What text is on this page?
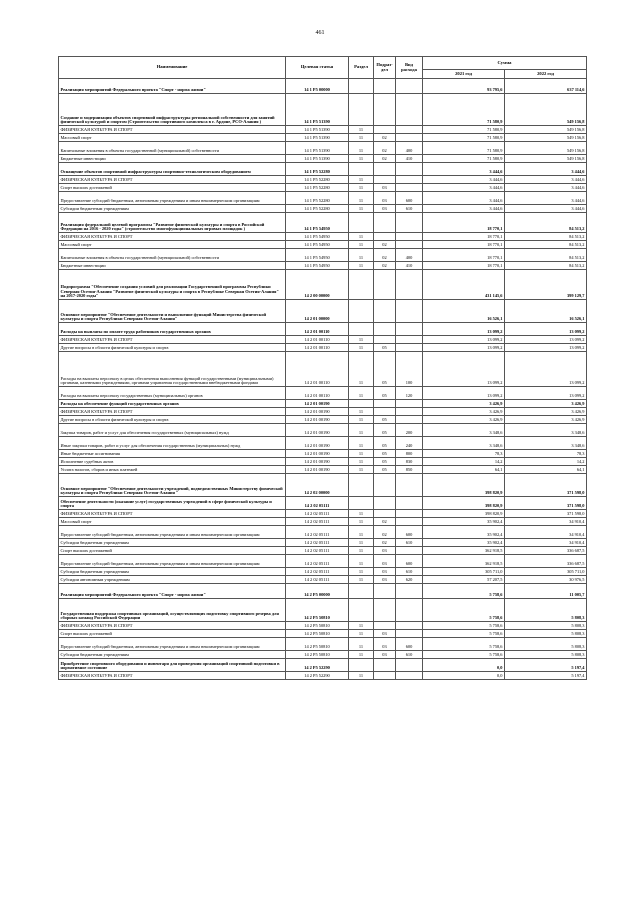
461
Наименование	Целевая статья	Раздел	Подраз-дел	Вид расхода	Сумма	
					2021 год	2022 год
Реализация мероприятий Федерального проекта "Спорт - норма жизни"	14 1 P5 00000				93 795,6	637 114,6
Создание и модернизация объектов спортивной инфраструктуры региональной собственности для занятий физической культурой и спортом (Строительство спортивного комплекса в г. Ардоне, РСО-Алания )	14 1 P5 51390				71 580,9	549 156,8
ФИЗИЧЕСКАЯ КУЛЬТУРА И СПОРТ	14 1 P5 51390	11			71 580,9	549 156,8
Массовый спорт	14 1 P5 51390	11	02		71 580,9	549 156,8
Капитальные вложения в объекты государственной (муниципальной) собственности	14 1 P5 51390	11	02	400	71 580,9	549 156,8
Бюджетные инвестиции	14 1 P5 51390	11	02	410	71 580,9	549 156,8
Оснащение объектов спортивной инфраструктуры спортивно-технологическим оборудованием	14 1 P5 52280				3 444,6	3 444,6
ФИЗИЧЕСКАЯ КУЛЬТУРА И СПОРТ	14 1 P5 52280	11			3 444,6	3 444,6
Спорт высших достижений	14 1 P5 52280	11	03		3 444,6	3 444,6
Предоставление субсидий бюджетным, автономным учреждениям и иным некоммерческим организациям	14 1 P5 52280	11	03	600	3 444,6	3 444,6
Субсидии бюджетным учреждениям	14 1 P5 52280	11	03	610	3 444,6	3 444,6
Реализация федеральной целевой программы "Развитие физической культуры и спорта в Российской Федерации на 2016 - 2020 годы" (строительство многофункциональных игровых площадок )	14 1 P5 54950				18 770,1	84 513,2
ФИЗИЧЕСКАЯ КУЛЬТУРА И СПОРТ	14 1 P5 54950	11			18 770,1	84 513,2
Массовый спорт	14 1 P5 54950	11	02		18 770,1	84 513,2
Капитальные вложения в объекты государственной (муниципальной) собственности	14 1 P5 54950	11	02	400	18 770,1	84 513,2
Бюджетные инвестиции	14 1 P5 54950	11	02	410	18 770,1	84 513,2
Подпрограмма "Обеспечение создания условий для реализации Государственной программы Республики Северная Осетия-Алания "Развитие физической культуры и спорта в Республике Северная Осетия-Алания" на 2017-2020 годы"	14 2 00 00000				431 145,6	399 129,7
Основное мероприятие "Обеспечение деятельности и выполнение функций Министерства физической культуры и спорта Республики Северная Осетия-Алания"	14 2 01 00000				16 526,1	16 526,1
Расходы на выплаты по оплате труда работников государственных органов	14 2 01 00110				13 099,2	13 099,2
ФИЗИЧЕСКАЯ КУЛЬТУРА И СПОРТ	14 2 01 00110	11			13 099,2	13 099,2
Другие вопросы в области физической культуры и спорта	14 2 01 00110	11	05		13 099,2	13 099,2
Расходы на выплаты персоналу в целях обеспечения выполнения функций государственными (муниципальными) органами, казенными учреждениями, органами управления государственными внебюджетными фондами	14 2 01 00110	11	05	100	13 099,2	13 099,2
Расходы на выплаты персоналу государственных (муниципальных) органов	14 2 01 00110	11	05	120	13 099,2	13 099,2
Расходы на обеспечение функций государственных органов	14 2 01 00190				3 426,9	3 426,9
ФИЗИЧЕСКАЯ КУЛЬТУРА И СПОРТ	14 2 01 00190	11			3 426,9	3 426,9
Другие вопросы в области физической культуры и спорта	14 2 01 00190	11	05		3 426,9	3 426,9
Закупка товаров, работ и услуг для обеспечения государственных (муниципальных) нужд	14 2 01 00190	11	05	200	3 348,6	3 348,6
Иные закупки товаров, работ и услуг для обеспечения государственных (муниципальных) нужд	14 2 01 00190	11	05	240	3 348,6	3 348,6
Иные бюджетные ассигнования	14 2 01 00190	11	05	800	78,3	78,3
Исполнение судебных актов	14 2 01 00190	11	05	830	14,2	14,2
Уплата налогов, сборов и иных платежей	14 2 01 00190	11	05	850	64,1	64,1
Основное мероприятие "Обеспечение деятельности учреждений, подведомственных Министерству физической культуры и спорта Республики Северная Осетия-Алания "	14 2 02 00000				398 820,9	371 598,0
Обеспечение деятельности (оказание услуг) государственных учреждений в сфере физической культуры и спорта	14 2 02 05111				398 820,9	371 598,0
ФИЗИЧЕСКАЯ КУЛЬТУРА И СПОРТ	14 2 02 05111	11			398 820,9	371 598,0
Массовый спорт	14 2 02 05111	11	02		35 902,4	34 910,4
Предоставление субсидий бюджетным, автономным учреждениям и иным некоммерческим организациям	14 2 02 05111	11	02	600	35 902,4	34 910,4
Субсидии бюджетным учреждениям	14 2 02 05111	11	02	610	35 902,4	34 910,4
Спорт высших достижений	14 2 02 05111	11	03		362 918,5	336 687,5
Предоставление субсидий бюджетным, автономным учреждениям и иным некоммерческим организациям	14 2 02 05111	11	03	600	362 918,5	336 687,5
Субсидии бюджетным учреждениям	14 2 02 05111	11	03	610	305 711,0	305 711,0
Субсидии автономным учреждениям	14 2 02 05111	11	03	620	57 207,5	30 976,5
Реализация мероприятий Федерального проекта "Спорт - норма жизни"	14 2 P5 00000				5 758,6	11 005,7
Государственная поддержка спортивных организаций, осуществляющих подготовку спортивного резерва для сборных команд Российской Федерации	14 2 P5 50810				5 758,6	5 808,3
ФИЗИЧЕСКАЯ КУЛЬТУРА И СПОРТ	14 2 P5 50810	11			5 758,6	5 808,3
Спорт высших достижений	14 2 P5 50810	11	03		5 758,6	5 808,3
Предоставление субсидий бюджетным, автономным учреждениям и иным некоммерческим организациям	14 2 P5 50810	11	03	600	5 758,6	5 808,3
Субсидии бюджетным учреждениям	14 2 P5 50810	11	03	610	5 758,6	5 808,3
Приобретение спортивного оборудования и инвентаря для приведения организаций спортивной подготовки в нормативное состояние	14 2 P5 52290				0,0	5 197,4
ФИЗИЧЕСКАЯ КУЛЬТУРА И СПОРТ	14 2 P5 52290	11			0,0	5 197,4
